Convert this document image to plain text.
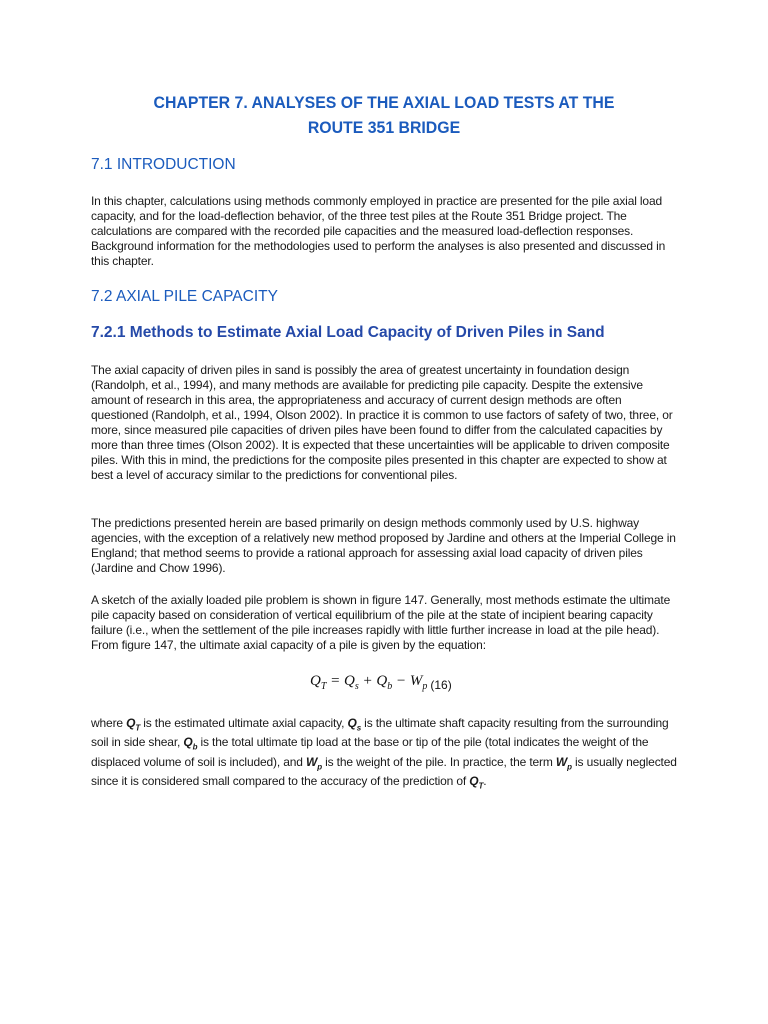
CHAPTER 7. ANALYSES OF THE AXIAL LOAD TESTS AT THE
ROUTE 351 BRIDGE
7.1 INTRODUCTION

In this chapter, calculations using methods commonly employed in practice are presented for the pile axial load capacity, and for the load-deflection behavior, of the three test piles at the Route 351 Bridge project. The calculations are compared with the recorded pile capacities and the measured load-deflection responses. Background information for the methodologies used to perform the analyses is also presented and discussed in this chapter.

7.2 AXIAL PILE CAPACITY
7.2.1 Methods to Estimate Axial Load Capacity of Driven Piles in Sand

The axial capacity of driven piles in sand is possibly the area of greatest uncertainty in foundation design (Randolph, et al., 1994), and many methods are available for predicting pile capacity. Despite the extensive amount of research in this area, the appropriateness and accuracy of current design methods are often questioned (Randolph, et al., 1994, Olson 2002). In practice it is common to use factors of safety of two, three, or more, since measured pile capacities of driven piles have been found to differ from the calculated capacities by more than three times (Olson 2002). It is expected that these uncertainties will be applicable to driven composite piles. With this in mind, the predictions for the composite piles presented in this chapter are expected to show at best a level of accuracy similar to the predictions for conventional piles.

The predictions presented herein are based primarily on design methods commonly used by U.S. highway agencies, with the exception of a relatively new method proposed by Jardine and others at the Imperial College in England; that method seems to provide a rational approach for assessing axial load capacity of driven piles (Jardine and Chow 1996).

A sketch of the axially loaded pile problem is shown in figure 147. Generally, most methods estimate the ultimate pile capacity based on consideration of vertical equilibrium of the pile at the state of incipient bearing capacity failure (i.e., when the settlement of the pile increases rapidly with little further increase in load at the pile head). From figure 147, the ultimate axial capacity of a pile is given by the equation:

$Q_T = Q_s + Q_b - W_p$ $_{(16)}$

where $Q_T$ is the estimated ultimate axial capacity, $Q_s$ is the ultimate shaft capacity resulting from the surrounding soil in side shear, $Q_b$ is the total ultimate tip load at the base or tip of the pile (total indicates the weight of the displaced volume of soil is included), and $W_p$ is the weight of the pile. In practice, the term $W_p$ is usually neglected since it is considered small compared to the accuracy of the prediction of $Q_T$.
